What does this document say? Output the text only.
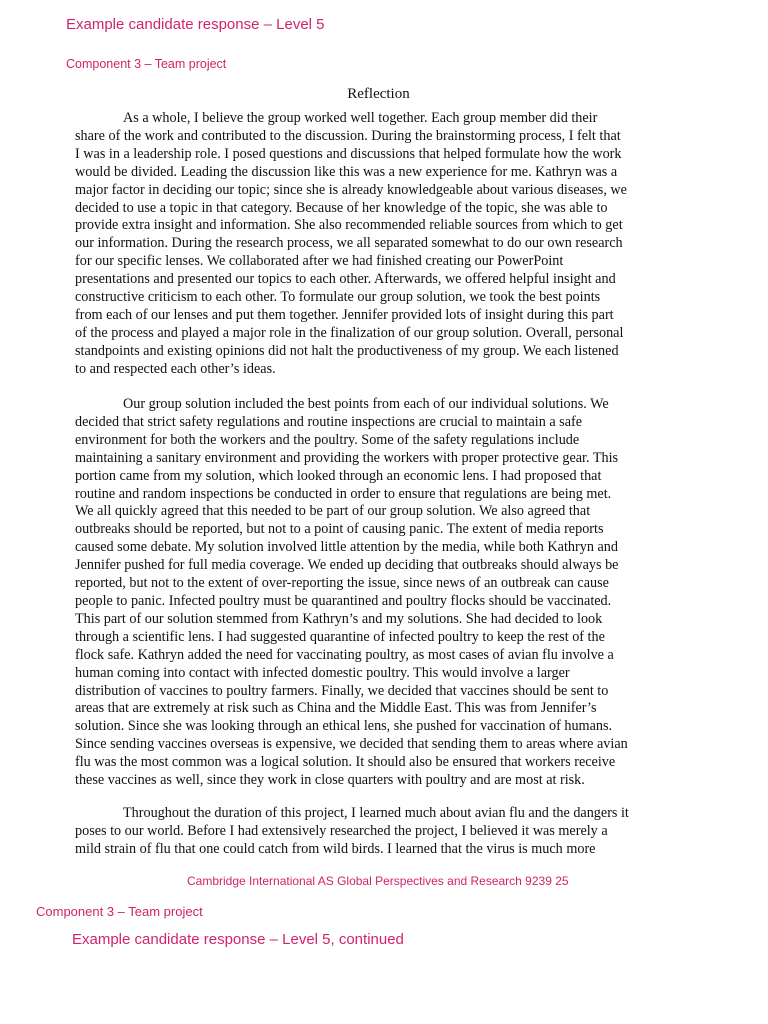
Example candidate response – Level 5
Component 3 – Team project
Reflection
As a whole, I believe the group worked well together. Each group member did their
share of the work and contributed to the discussion. During the brainstorming process, I felt that
I was in a leadership role. I posed questions and discussions that helped formulate how the work
would be divided. Leading the discussion like this was a new experience for me. Kathryn was a
major factor in deciding our topic; since she is already knowledgeable about various diseases, we
decided to use a topic in that category. Because of her knowledge of the topic, she was able to
provide extra insight and information. She also recommended reliable sources from which to get
our information. During the research process, we all separated somewhat to do our own research
for our specific lenses. We collaborated after we had finished creating our PowerPoint
presentations and presented our topics to each other. Afterwards, we offered helpful insight and
constructive criticism to each other. To formulate our group solution, we took the best points
from each of our lenses and put them together. Jennifer provided lots of insight during this part
of the process and played a major role in the finalization of our group solution. Overall, personal
standpoints and existing opinions did not halt the productiveness of my group. We each listened
to and respected each other’s ideas.
Our group solution included the best points from each of our individual solutions. We
decided that strict safety regulations and routine inspections are crucial to maintain a safe
environment for both the workers and the poultry. Some of the safety regulations include
maintaining a sanitary environment and providing the workers with proper protective gear. This
portion came from my solution, which looked through an economic lens. I had proposed that
routine and random inspections be conducted in order to ensure that regulations are being met.
We all quickly agreed that this needed to be part of our group solution. We also agreed that
outbreaks should be reported, but not to a point of causing panic. The extent of media reports
caused some debate. My solution involved little attention by the media, while both Kathryn and
Jennifer pushed for full media coverage. We ended up deciding that outbreaks should always be
reported, but not to the extent of over-reporting the issue, since news of an outbreak can cause
people to panic. Infected poultry must be quarantined and poultry flocks should be vaccinated.
This part of our solution stemmed from Kathryn’s and my solutions. She had decided to look
through a scientific lens. I had suggested quarantine of infected poultry to keep the rest of the
flock safe. Kathryn added the need for vaccinating poultry, as most cases of avian flu involve a
human coming into contact with infected domestic poultry. This would involve a larger
distribution of vaccines to poultry farmers. Finally, we decided that vaccines should be sent to
areas that are extremely at risk such as China and the Middle East. This was from Jennifer’s
solution. Since she was looking through an ethical lens, she pushed for vaccination of humans.
Since sending vaccines overseas is expensive, we decided that sending them to areas where avian
flu was the most common was a logical solution. It should also be ensured that workers receive
these vaccines as well, since they work in close quarters with poultry and are most at risk.
Throughout the duration of this project, I learned much about avian flu and the dangers it
poses to our world. Before I had extensively researched the project, I believed it was merely a
mild strain of flu that one could catch from wild birds. I learned that the virus is much more
Cambridge International AS Global Perspectives and Research 9239 25
Component 3 – Team project
Example candidate response – Level 5, continued
